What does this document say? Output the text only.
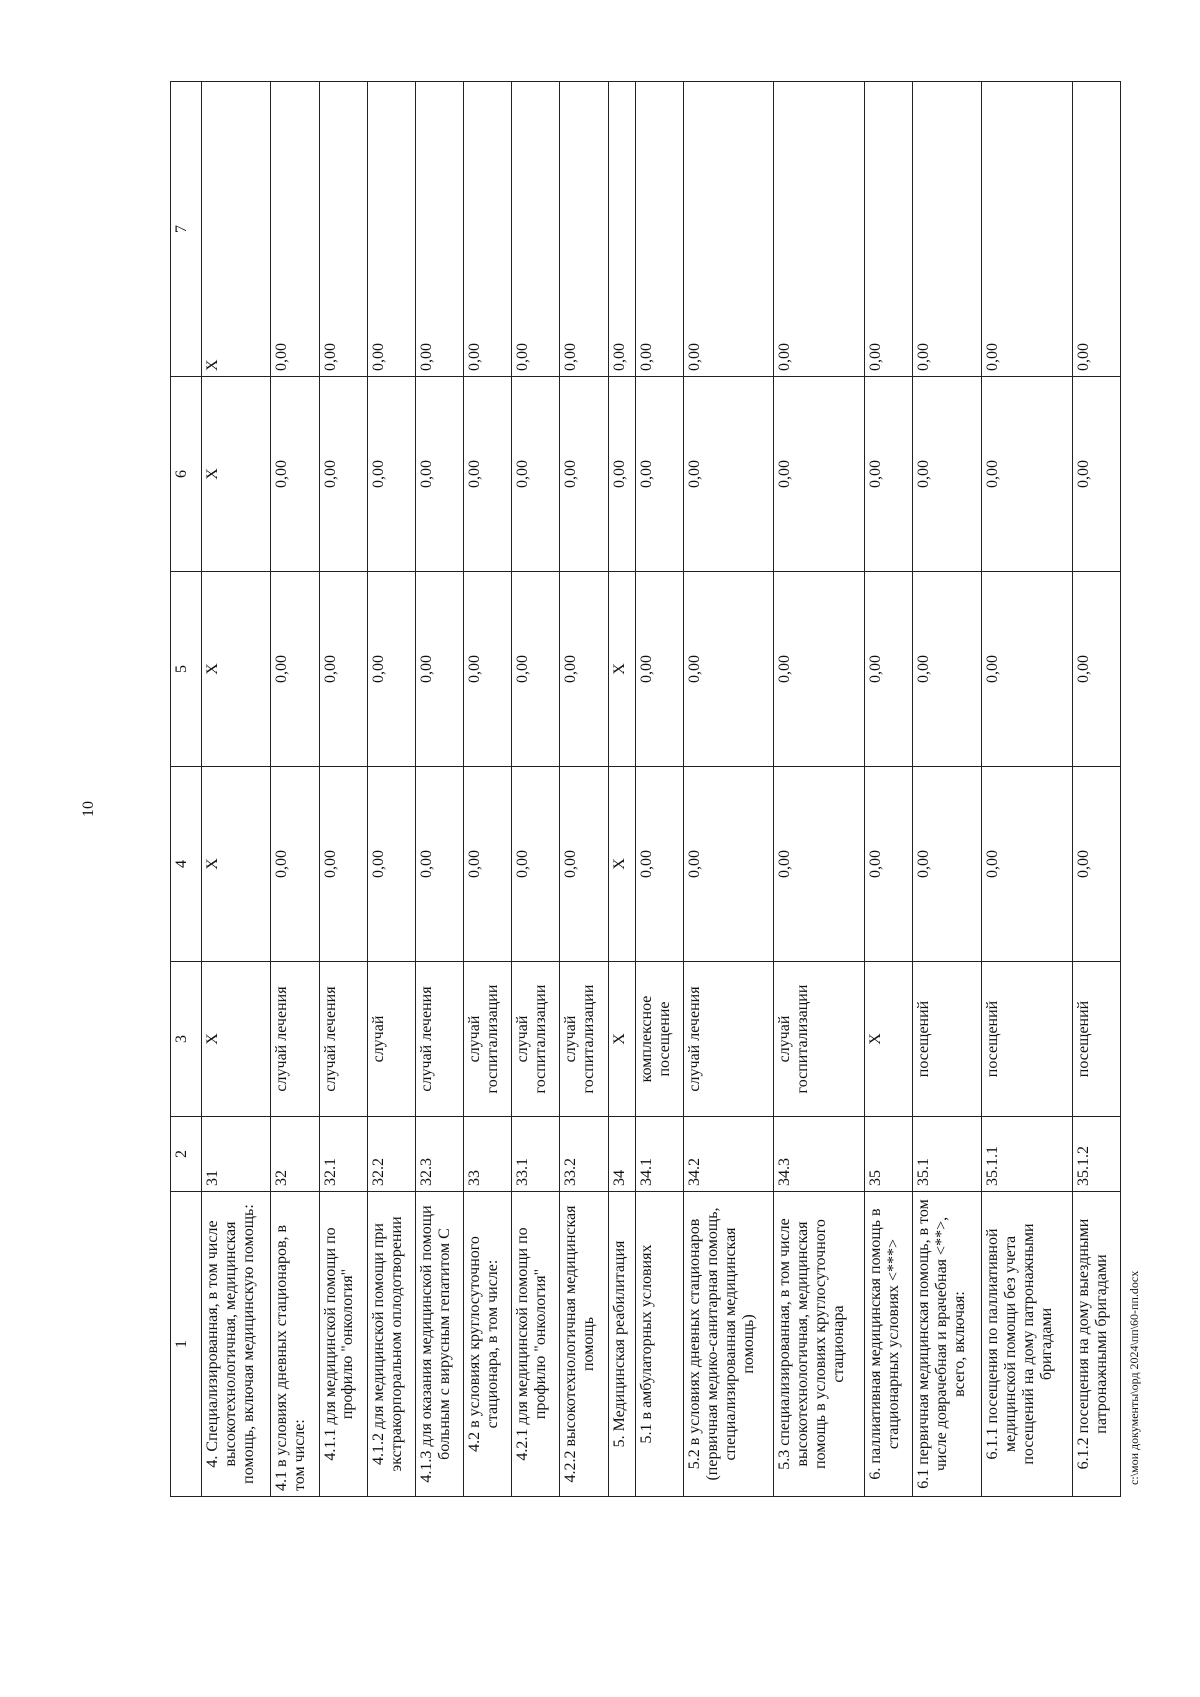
10
1	2	3	4	5	6	7
4. Специализированная, в том числе высокотехнологичная, медицинская помощь, включая медицинскую помощь:	31	X	X	X	X	X
4.1 в условиях дневных стационаров, в том числе:	32	случай лечения	0,00	0,00	0,00	0,00
4.1.1 для медицинской помощи по профилю "онкология"	32.1	случай лечения	0,00	0,00	0,00	0,00
4.1.2 для медицинской помощи при экстракорпоральном оплодотворении	32.2	случай	0,00	0,00	0,00	0,00
4.1.3 для оказания медицинской помощи больным с вирусным гепатитом С	32.3	случай лечения	0,00	0,00	0,00	0,00
4.2 в условиях круглосуточного стационара, в том числе:	33	случай госпитализации	0,00	0,00	0,00	0,00
4.2.1 для медицинской помощи по профилю "онкология"	33.1	случай госпитализации	0,00	0,00	0,00	0,00
4.2.2 высокотехнологичная медицинская помощь	33.2	случай госпитализации	0,00	0,00	0,00	0,00
5. Медицинская реабилитация	34	X	X	X	0,00	0,00
5.1 в амбулаторных условиях	34.1	комплексное посещение	0,00	0,00	0,00	0,00
5.2 в условиях дневных стационаров (первичная медико-санитарная помощь, специализированная медицинская помощь)	34.2	случай лечения	0,00	0,00	0,00	0,00
5.3 специализированная, в том числе высокотехнологичная, медицинская помощь в условиях круглосуточного стационара	34.3	случай госпитализации	0,00	0,00	0,00	0,00
6. паллиативная медицинская помощь в стационарных условиях <***>	35	X	0,00	0,00	0,00	0,00
6.1 первичная медицинская помощь, в том числе доврачебная и врачебная <**>, всего, включая:	35.1	посещений	0,00	0,00	0,00	0,00
6.1.1 посещения по паллиативной медицинской помощи без учета посещений на дому патронажными бригадами	35.1.1	посещений	0,00	0,00	0,00	0,00
6.1.2 посещения на дому выездными патронажными бригадами	35.1.2	посещений	0,00	0,00	0,00	0,00
c:\мои документы\орд 2024\пп\60-пп.docx
